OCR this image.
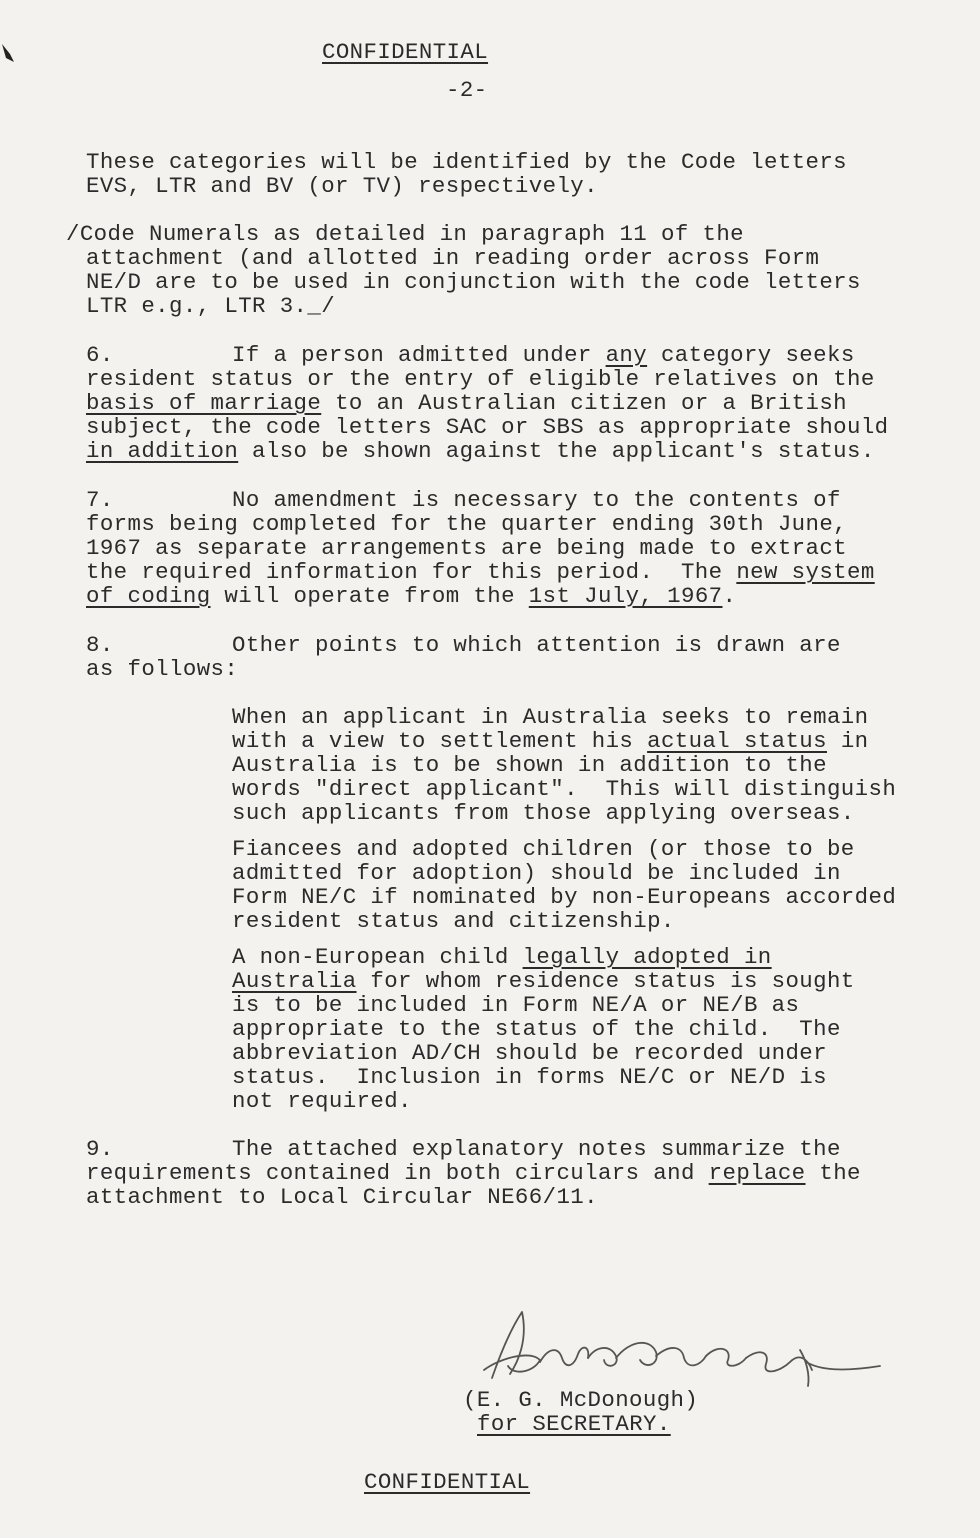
CONFIDENTIAL
-2-
These categories will be identified by the Code letters
EVS, LTR and BV (or TV) respectively.
/Code Numerals as detailed in paragraph 11 of the
attachment (and allotted in reading order across Form
NE/D are to be used in conjunction with the code letters
LTR e.g., LTR 3._/
6.	If a person admitted under any category seeks
resident status or the entry of eligible relatives on the
basis of marriage to an Australian citizen or a British
subject, the code letters SAC or SBS as appropriate should
in addition also be shown against the applicant's status.
7.	No amendment is necessary to the contents of
forms being completed for the quarter ending 30th June,
1967 as separate arrangements are being made to extract
the required information for this period.  The new system
of coding will operate from the 1st July, 1967.
8.	Other points to which attention is drawn are
as follows:
When an applicant in Australia seeks to remain
with a view to settlement his actual status in
Australia is to be shown in addition to the
words "direct applicant".  This will distinguish
such applicants from those applying overseas.
Fiancees and adopted children (or those to be
admitted for adoption) should be included in
Form NE/C if nominated by non-Europeans accorded
resident status and citizenship.
A non-European child legally adopted in
Australia for whom residence status is sought
is to be included in Form NE/A or NE/B as
appropriate to the status of the child.  The
abbreviation AD/CH should be recorded under
status.  Inclusion in forms NE/C or NE/D is
not required.
9.	The attached explanatory notes summarize the
requirements contained in both circulars and replace the
attachment to Local Circular NE66/11.
(E. G. McDonough)
for SECRETARY.
CONFIDENTIAL
